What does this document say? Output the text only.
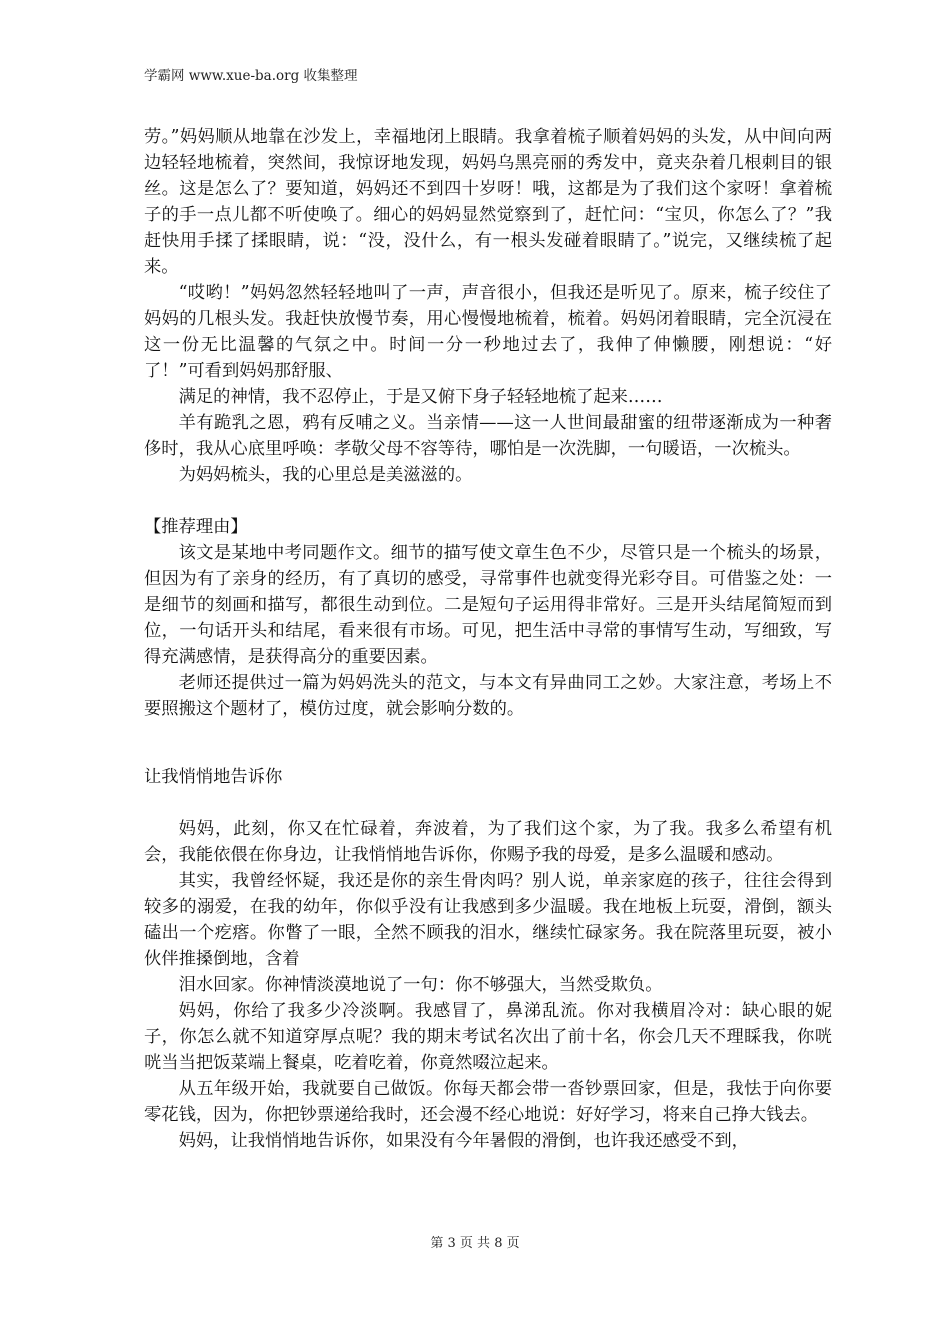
学霸网 www.xue-ba.org 收集整理

劳。”妈妈顺从地靠在沙发上，幸福地闭上眼睛。我拿着梳子顺着妈妈的头发，从中间向两边轻轻地梳着，突然间，我惊讶地发现，妈妈乌黑亮丽的秀发中，竟夹杂着几根刺目的银丝。这是怎么了？要知道，妈妈还不到四十岁呀！哦，这都是为了我们这个家呀！拿着梳子的手一点儿都不听使唤了。细心的妈妈显然觉察到了，赶忙问：“宝贝，你怎么了？”我赶快用手揉了揉眼睛，说：“没，没什么，有一根头发碰着眼睛了。”说完，又继续梳了起来。

“哎哟！”妈妈忽然轻轻地叫了一声，声音很小，但我还是听见了。原来，梳子绞住了妈妈的几根头发。我赶快放慢节奏，用心慢慢地梳着，梳着。妈妈闭着眼睛，完全沉浸在这一份无比温馨的气氛之中。时间一分一秒地过去了，我伸了伸懒腰，刚想说：“好了！”可看到妈妈那舒服、

满足的神情，我不忍停止，于是又俯下身子轻轻地梳了起来……

羊有跪乳之恩，鸦有反哺之义。当亲情——这一人世间最甜蜜的纽带逐渐成为一种奢侈时，我从心底里呼唤：孝敬父母不容等待，哪怕是一次洗脚，一句暖语，一次梳头。

为妈妈梳头，我的心里总是美滋滋的。

【推荐理由】

该文是某地中考同题作文。细节的描写使文章生色不少，尽管只是一个梳头的场景，但因为有了亲身的经历，有了真切的感受，寻常事件也就变得光彩夺目。可借鉴之处：一是细节的刻画和描写，都很生动到位。二是短句子运用得非常好。三是开头结尾简短而到位，一句话开头和结尾，看来很有市场。可见，把生活中寻常的事情写生动，写细致，写得充满感情，是获得高分的重要因素。

老师还提供过一篇为妈妈洗头的范文，与本文有异曲同工之妙。大家注意，考场上不要照搬这个题材了，模仿过度，就会影响分数的。

让我悄悄地告诉你

妈妈，此刻，你又在忙碌着，奔波着，为了我们这个家，为了我。我多么希望有机会，我能依偎在你身边，让我悄悄地告诉你，你赐予我的母爱，是多么温暖和感动。

其实，我曾经怀疑，我还是你的亲生骨肉吗？别人说，单亲家庭的孩子，往往会得到较多的溺爱，在我的幼年，你似乎没有让我感到多少温暖。我在地板上玩耍，滑倒，额头磕出一个疙瘩。你瞥了一眼，全然不顾我的泪水，继续忙碌家务。我在院落里玩耍，被小伙伴推搡倒地，含着

泪水回家。你神情淡漠地说了一句：你不够强大，当然受欺负。

妈妈，你给了我多少冷淡啊。我感冒了，鼻涕乱流。你对我横眉冷对：缺心眼的妮子，你怎么就不知道穿厚点呢？我的期末考试名次出了前十名，你会几天不理睬我，你咣咣当当把饭菜端上餐桌，吃着吃着，你竟然啜泣起来。

从五年级开始，我就要自己做饭。你每天都会带一沓钞票回家，但是，我怯于向你要零花钱，因为，你把钞票递给我时，还会漫不经心地说：好好学习，将来自己挣大钱去。

妈妈，让我悄悄地告诉你，如果没有今年暑假的滑倒，也许我还感受不到，

第 3 页 共 8 页
